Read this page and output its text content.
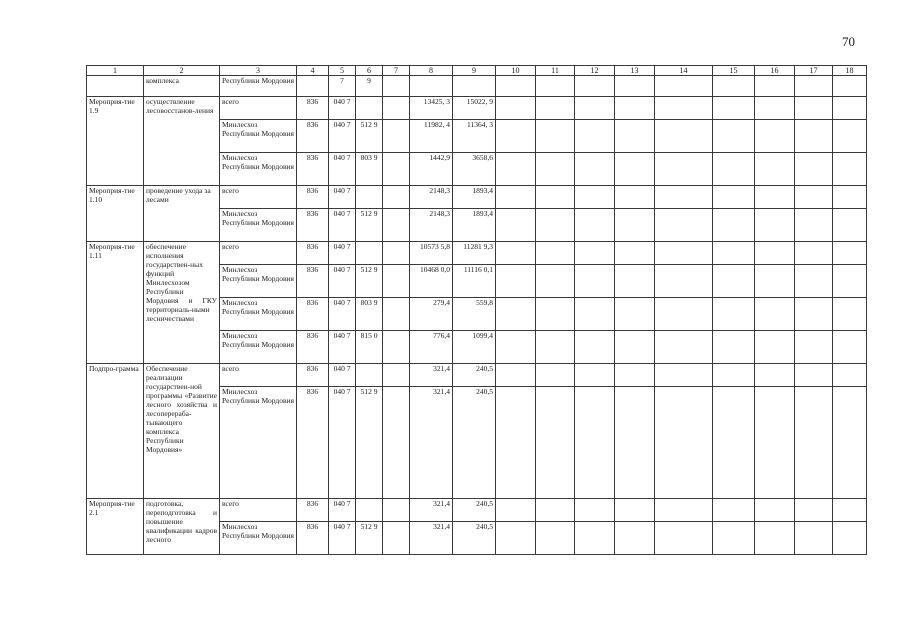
70
1	2	3	4	5	6	7	8	9	10	11	12	13	14	15	16	17	18
	комплекса	Республики Мордовия		7	9												
Мероприя-тие 1.9	осуществление лесовосстанов-ления	всего	836	040 7			13425, 3	15022, 9									
		Минлесхоз Республики Мордовия	836	040 7	512 9		11982, 4	11364, 3									
		Минлесхоз Республики Мордовия	836	040 7	803 9		1442,9	3658,6									
Мероприя-тие 1.10	проведение ухода за лесами	всего	836	040 7			2148,3	1893,4									
		Минлесхоз Республики Мордовия	836	040 7	512 9		2148,3	1893,4									
Мероприя-тие 1.11	обеспечение исполнения государствен-ных функций Минлесхозом Республики Мордовия и ГКУ территориаль-ными лесничествами	всего	836	040 7			10573 5,8	11281 9,3									
		Минлесхоз Республики Мордовия	836	040 7	512 9		10468 0,0	11116 0,1									
		Минлесхоз Республики Мордовия	836	040 7	803 9		279,4	559,8									
		Минлесхоз Республики Мордовия	836	040 7	815 0		776,4	1099,4									
Подпро-грамма	Обеспечение реализации государствен-ной программы «Развитие лесного хозяйства и лесоперераба-тывающего комплекса Республики Мордовия»	всего	836	040 7			321,4	240,5									
		Минлесхоз Республики Мордовия	836	040 7	512 9		321,4	240,5									
Мероприя-тие 2.1	подготовка, переподготовка и повышение квалификации кадров лесного	всего	836	040 7			321,4	240,5									
		Минлесхоз Республики Мордовия	836	040 7	512 9		321,4	240,5									
